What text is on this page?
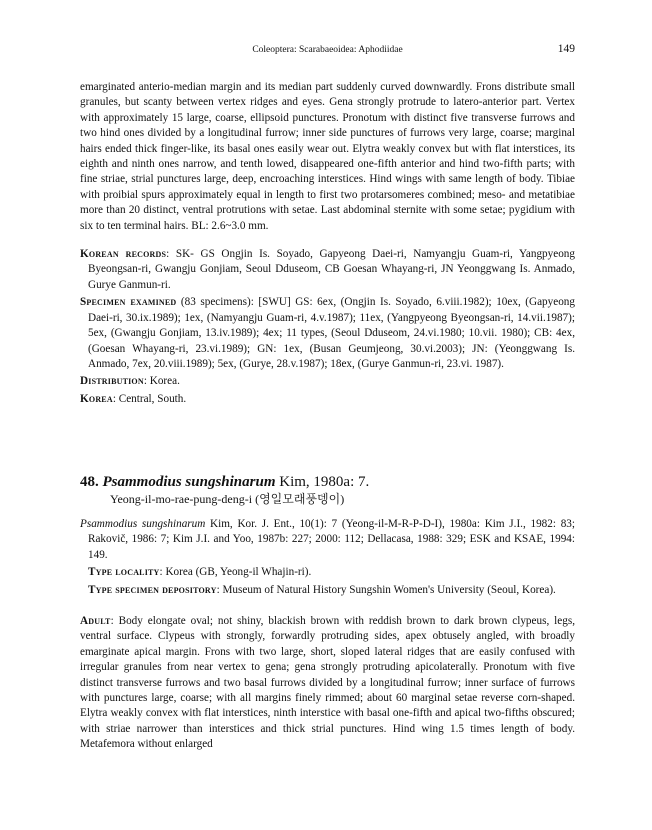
Coleoptera: Scarabaeoidea: Aphodiidae	149

emarginated anterio-median margin and its median part suddenly curved downwardly. Frons distribute small granules, but scanty between vertex ridges and eyes. Gena strongly protrude to latero-anterior part. Vertex with approximately 15 large, coarse, ellipsoid punctures. Pronotum with distinct five transverse furrows and two hind ones divided by a longitudinal furrow; inner side punctures of furrows very large, coarse; marginal hairs ended thick finger-like, its basal ones easily wear out. Elytra weakly convex but with flat interstices, its eighth and ninth ones narrow, and tenth lowed, disappeared one-fifth anterior and hind two-fifth parts; with fine striae, strial punctures large, deep, encroaching interstices. Hind wings with same length of body. Tibiae with proibial spurs approximately equal in length to first two protarsomeres combined; meso- and metatibiae more than 20 distinct, ventral protrutions with setae. Last abdominal sternite with some setae; pygidium with six to ten terminal hairs. BL: 2.6~3.0 mm.

Korean records: SK- GS Ongjin Is. Soyado, Gapyeong Daei-ri, Namyangju Guam-ri, Yangpyeong Byeongsan-ri, Gwangju Gonjiam, Seoul Dduseom, CB Goesan Whayang-ri, JN Yeonggwang Is. Anmado, Gurye Ganmun-ri.

Specimen examined (83 specimens): [SWU] GS: 6ex, (Ongjin Is. Soyado, 6.viii.1982); 10ex, (Gapyeong Daei-ri, 30.ix.1989); 1ex, (Namyangju Guam-ri, 4.v.1987); 11ex, (Yangpyeong Byeongsan-ri, 14.vii.1987); 5ex, (Gwangju Gonjiam, 13.iv.1989); 4ex; 11 types, (Seoul Dduseom, 24.vi.1980; 10.vii. 1980); CB: 4ex, (Goesan Whayang-ri, 23.vi.1989); GN: 1ex, (Busan Geumjeong, 30.vi.2003); JN: (Yeonggwang Is. Anmado, 7ex, 20.viii.1989); 5ex, (Gurye, 28.v.1987); 18ex, (Gurye Ganmun-ri, 23.vi. 1987).

Distribution: Korea.

Korea: Central, South.

48. Psammodius sungshinarum Kim, 1980a: 7.
Yeong-il-mo-rae-pung-deng-i (영일모래풍뎅이)

Psammodius sungshinarum Kim, Kor. J. Ent., 10(1): 7 (Yeong-il-M-R-P-D-I), 1980a: Kim J.I., 1982: 83; Rakovič, 1986: 7; Kim J.I. and Yoo, 1987b: 227; 2000: 112; Dellacasa, 1988: 329; ESK and KSAE, 1994: 149.

Type locality: Korea (GB, Yeong-il Whajin-ri).

Type specimen depository: Museum of Natural History Sungshin Women's University (Seoul, Korea).

Adult: Body elongate oval; not shiny, blackish brown with reddish brown to dark brown clypeus, legs, ventral surface. Clypeus with strongly, forwardly protruding sides, apex obtusely angled, with broadly emarginate apical margin. Frons with two large, short, sloped lateral ridges that are easily confused with irregular granules from near vertex to gena; gena strongly protruding apicolaterally. Pronotum with five distinct transverse furrows and two basal furrows divided by a longitudinal furrow; inner surface of furrows with punctures large, coarse; with all margins finely rimmed; about 60 marginal setae reverse corn-shaped. Elytra weakly convex with flat interstices, ninth interstice with basal one-fifth and apical two-fifths obscured; with striae narrower than interstices and thick strial punctures. Hind wing 1.5 times length of body. Metafemora without enlarged
